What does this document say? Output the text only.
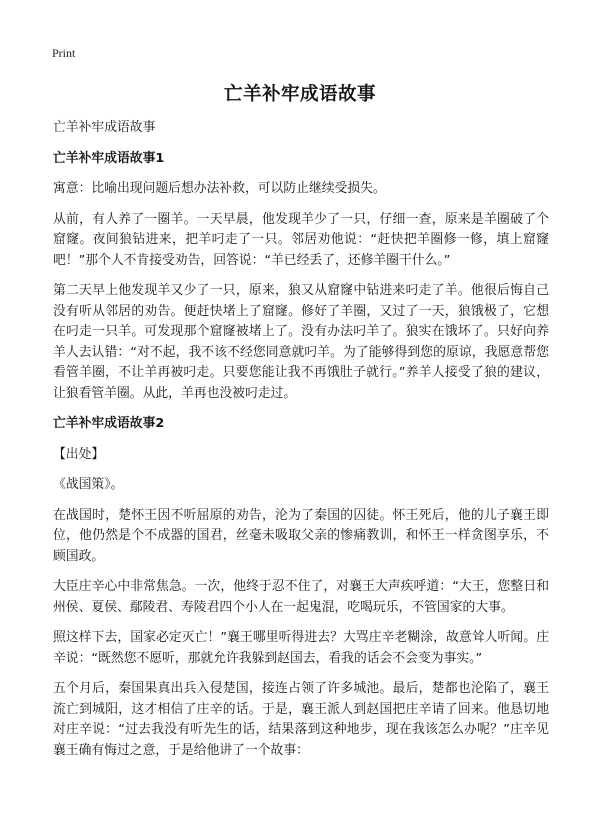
Print
亡羊补牢成语故事

亡羊补牢成语故事

亡羊补牢成语故事1

寓意：比喻出现问题后想办法补救，可以防止继续受损失。

从前，有人养了一圈羊。一天早晨，他发现羊少了一只，仔细一查，原来是羊圈破了个窟窿。夜间狼钻进来，把羊叼走了一只。邻居劝他说：“赶快把羊圈修一修，填上窟窿吧！”那个人不肯接受劝告，回答说：“羊已经丢了，还修羊圈干什么。”

第二天早上他发现羊又少了一只，原来，狼又从窟窿中钻进来叼走了羊。他很后悔自己没有听从邻居的劝告。便赶快堵上了窟窿。修好了羊圈，又过了一天，狼饿极了，它想在叼走一只羊。可发现那个窟窿被堵上了。没有办法叼羊了。狼实在饿坏了。只好向养羊人去认错：“对不起，我不该不经您同意就叼羊。为了能够得到您的原谅，我愿意帮您看管羊圈，不让羊再被叼走。只要您能让我不再饿肚子就行。”养羊人接受了狼的建议，让狼看管羊圈。从此，羊再也没被叼走过。

亡羊补牢成语故事2

【出处】

《战国策》。

在战国时，楚怀王因不听屈原的劝告，沦为了秦国的囚徒。怀王死后，他的儿子襄王即位，他仍然是个不成器的国君，丝毫未吸取父亲的惨痛教训，和怀王一样贪图享乐，不顾国政。

大臣庄辛心中非常焦急。一次，他终于忍不住了，对襄王大声疾呼道：“大王，您整日和州侯、夏侯、鄢陵君、寿陵君四个小人在一起鬼混，吃喝玩乐，不管国家的大事。

照这样下去，国家必定灭亡！”襄王哪里听得进去？大骂庄辛老糊涂，故意耸人听闻。庄辛说：“既然您不愿听，那就允许我躲到赵国去，看我的话会不会变为事实。”

五个月后，秦国果真出兵入侵楚国，接连占领了许多城池。最后，楚都也沦陷了，襄王流亡到城阳，这才相信了庄辛的话。于是，襄王派人到赵国把庄辛请了回来。他恳切地对庄辛说：“过去我没有听先生的话，结果落到这种地步，现在我该怎么办呢？”庄辛见襄王确有悔过之意，于是给他讲了一个故事：
